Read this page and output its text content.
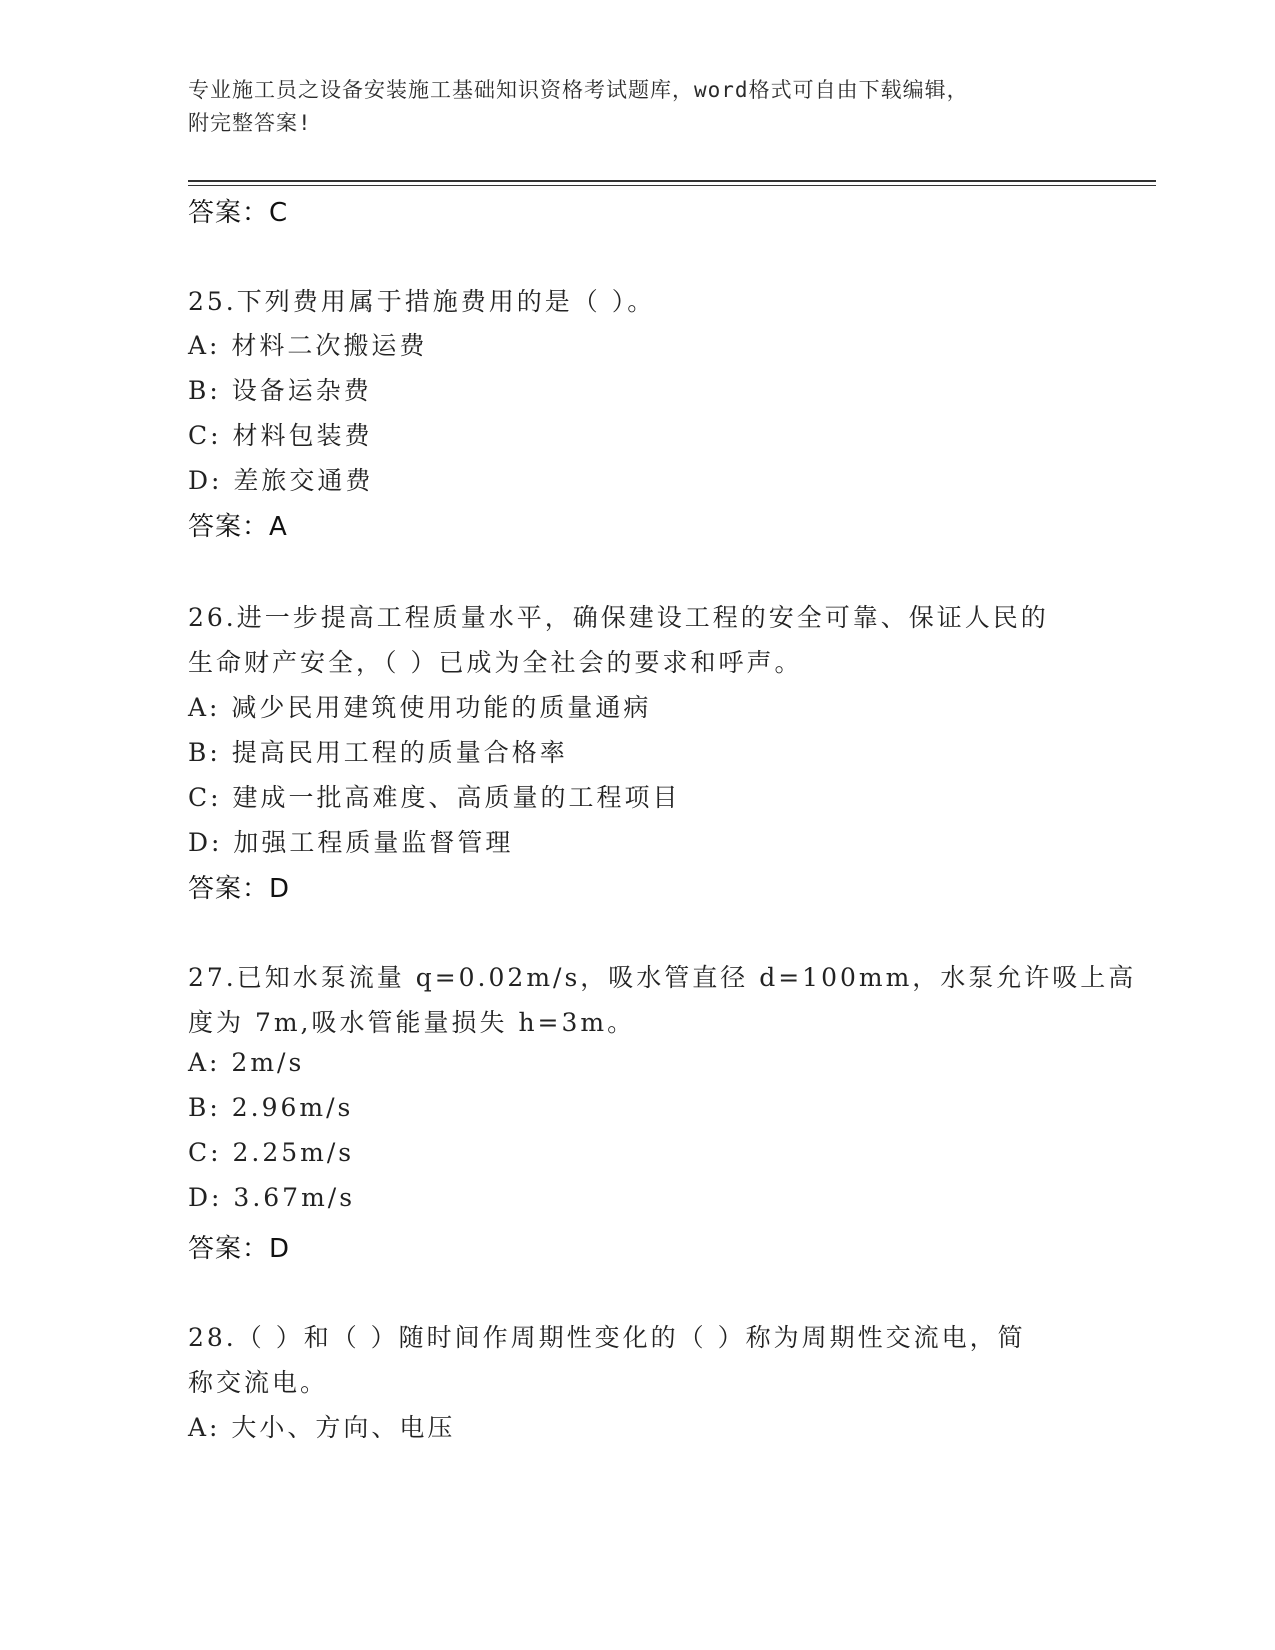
专业施工员之设备安装施工基础知识资格考试题库，word格式可自由下载编辑，
附完整答案!
答案：C
25.下列费用属于措施费用的是（ ）。
A: 材料二次搬运费
B: 设备运杂费
C: 材料包装费
D: 差旅交通费
答案：A
26.进一步提高工程质量水平，确保建设工程的安全可靠、保证人民的
生命财产安全，（ ）已成为全社会的要求和呼声。
A: 减少民用建筑使用功能的质量通病
B: 提高民用工程的质量合格率
C: 建成一批高难度、高质量的工程项目
D: 加强工程质量监督管理
答案：D
27.已知水泵流量 q=0.02m/s，吸水管直径 d=100mm，水泵允许吸上高
度为 7m,吸水管能量损失 h=3m。
A: 2m/s
B: 2.96m/s
C: 2.25m/s
D: 3.67m/s
答案：D
28.（ ）和（ ）随时间作周期性变化的（ ）称为周期性交流电，简
称交流电。
A: 大小、方向、电压
